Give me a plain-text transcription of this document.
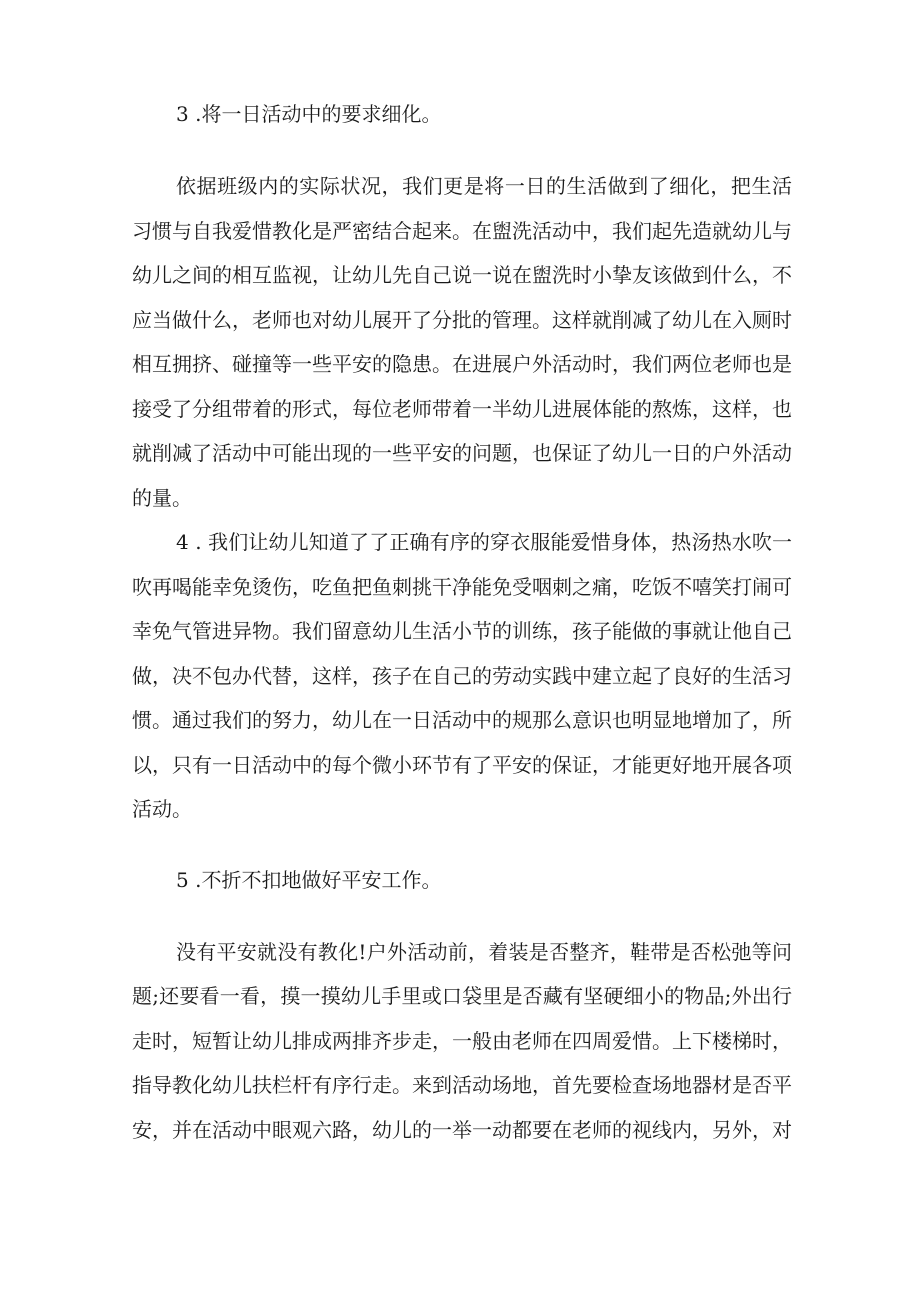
3 .将一日活动中的要求细化。

依据班级内的实际状况，我们更是将一日的生活做到了细化，把生活习惯与自我爱惜教化是严密结合起来。在盥洗活动中，我们起先造就幼儿与幼儿之间的相互监视，让幼儿先自己说一说在盥洗时小挚友该做到什么，不应当做什么，老师也对幼儿展开了分批的管理。这样就削减了幼儿在入厕时相互拥挤、碰撞等一些平安的隐患。在进展户外活动时，我们两位老师也是接受了分组带着的形式，每位老师带着一半幼儿进展体能的熬炼，这样，也就削减了活动中可能出现的一些平安的问题，也保证了幼儿一日的户外活动的量。

4 . 我们让幼儿知道了了正确有序的穿衣服能爱惜身体，热汤热水吹一吹再喝能幸免烫伤，吃鱼把鱼刺挑干净能免受咽刺之痛，吃饭不嘻笑打闹可幸免气管进异物。我们留意幼儿生活小节的训练，孩子能做的事就让他自己做，决不包办代替，这样，孩子在自己的劳动实践中建立起了良好的生活习惯。通过我们的努力，幼儿在一日活动中的规那么意识也明显地增加了，所以，只有一日活动中的每个微小环节有了平安的保证，才能更好地开展各项活动。

5 .不折不扣地做好平安工作。

没有平安就没有教化!户外活动前，着装是否整齐，鞋带是否松弛等问题;还要看一看，摸一摸幼儿手里或口袋里是否藏有坚硬细小的物品;外出行走时，短暂让幼儿排成两排齐步走，一般由老师在四周爱惜。上下楼梯时，指导教化幼儿扶栏杆有序行走。来到活动场地，首先要检查场地器材是否平安，并在活动中眼观六路，幼儿的一举一动都要在老师的视线内，另外，对
